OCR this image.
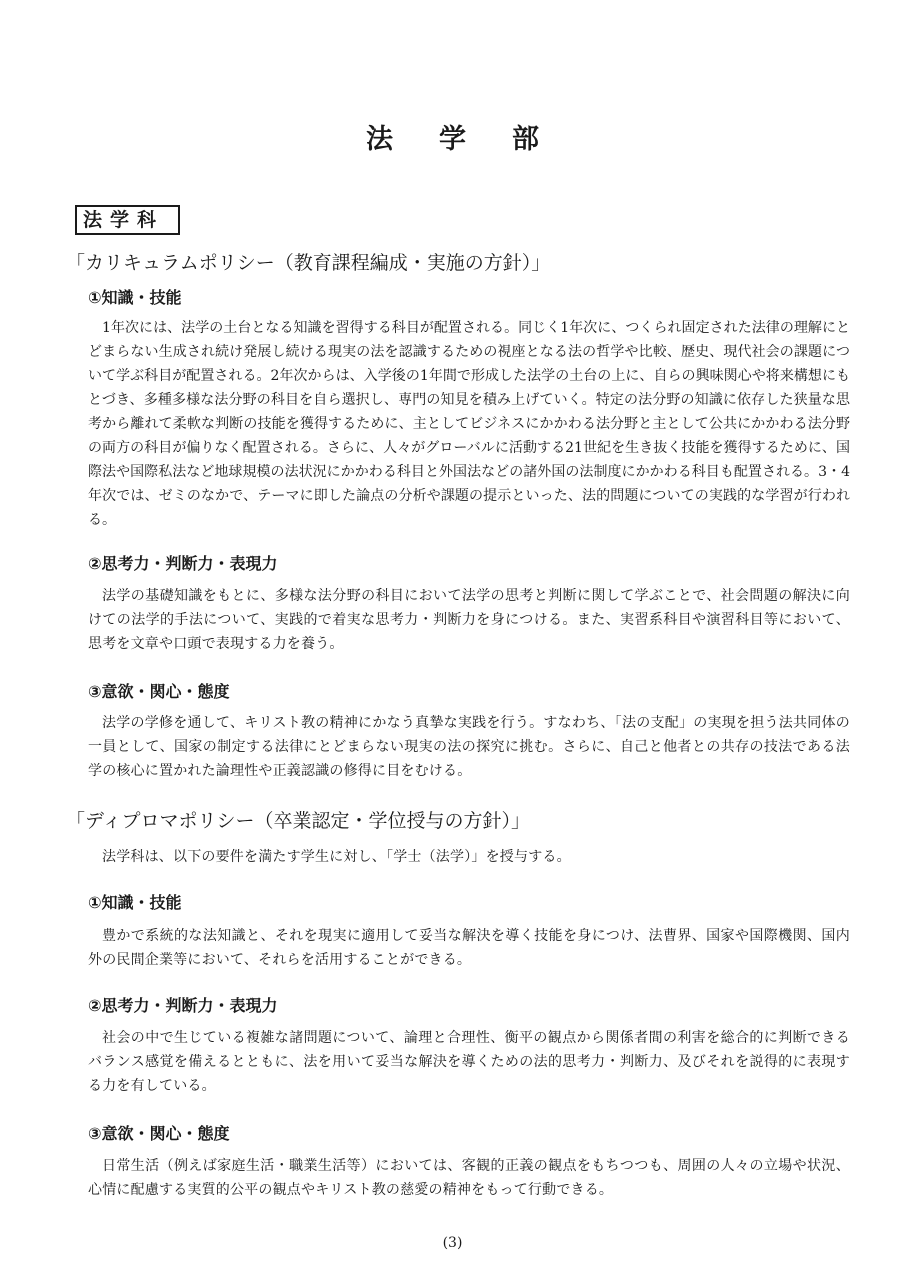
法学部
法学科
「カリキュラムポリシー（教育課程編成・実施の方針）」
①知識・技能

1年次には、法学の土台となる知識を習得する科目が配置される。同じく1年次に、つくられ固定された法律の理解にとどまらない生成され続け発展し続ける現実の法を認識するための視座となる法の哲学や比較、歴史、現代社会の課題について学ぶ科目が配置される。2年次からは、入学後の1年間で形成した法学の土台の上に、自らの興味関心や将来構想にもとづき、多種多様な法分野の科目を自ら選択し、専門の知見を積み上げていく。特定の法分野の知識に依存した狭量な思考から離れて柔軟な判断の技能を獲得するために、主としてビジネスにかかわる法分野と主として公共にかかわる法分野の両方の科目が偏りなく配置される。さらに、人々がグローバルに活動する21世紀を生き抜く技能を獲得するために、国際法や国際私法など地球規模の法状況にかかわる科目と外国法などの諸外国の法制度にかかわる科目も配置される。3・4年次では、ゼミのなかで、テーマに即した論点の分析や課題の提示といった、法的問題についての実践的な学習が行われる。

②思考力・判断力・表現力

法学の基礎知識をもとに、多様な法分野の科目において法学の思考と判断に関して学ぶことで、社会問題の解決に向けての法学的手法について、実践的で着実な思考力・判断力を身につける。また、実習系科目や演習科目等において、思考を文章や口頭で表現する力を養う。

③意欲・関心・態度

法学の学修を通して、キリスト教の精神にかなう真摯な実践を行う。すなわち、「法の支配」の実現を担う法共同体の一員として、国家の制定する法律にとどまらない現実の法の探究に挑む。さらに、自己と他者との共存の技法である法学の核心に置かれた論理性や正義認識の修得に目をむける。

「ディプロマポリシー（卒業認定・学位授与の方針）」

法学科は、以下の要件を満たす学生に対し、「学士（法学）」を授与する。

①知識・技能

豊かで系統的な法知識と、それを現実に適用して妥当な解決を導く技能を身につけ、法曹界、国家や国際機関、国内外の民間企業等において、それらを活用することができる。

②思考力・判断力・表現力

社会の中で生じている複雑な諸問題について、論理と合理性、衡平の観点から関係者間の利害を総合的に判断できるバランス感覚を備えるとともに、法を用いて妥当な解決を導くための法的思考力・判断力、及びそれを説得的に表現する力を有している。

③意欲・関心・態度

日常生活（例えば家庭生活・職業生活等）においては、客観的正義の観点をもちつつも、周囲の人々の立場や状況、心情に配慮する実質的公平の観点やキリスト教の慈愛の精神をもって行動できる。

(3)
